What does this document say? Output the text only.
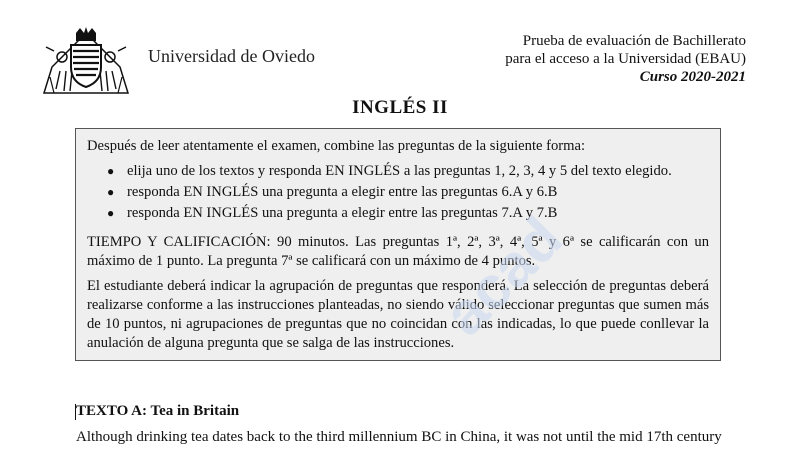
Universidad de Oviedo
Prueba de evaluación de Bachillerato
para el acceso a la Universidad (EBAU)
Curso 2020-2021
INGLÉS II

Después de leer atentamente el examen, combine las preguntas de la siguiente forma:

● elija uno de los textos y responda EN INGLÉS a las preguntas 1, 2, 3, 4 y 5 del texto elegido.
● responda EN INGLÉS una pregunta a elegir entre las preguntas 6.A y 6.B
● responda EN INGLÉS una pregunta a elegir entre las preguntas 7.A y 7.B

TIEMPO Y CALIFICACIÓN: 90 minutos. Las preguntas 1ª, 2ª, 3ª, 4ª, 5ª y 6ª se calificarán con un máximo de 1 punto. La pregunta 7ª se calificará con un máximo de 4 puntos.

El estudiante deberá indicar la agrupación de preguntas que responderá. La selección de preguntas deberá realizarse conforme a las instrucciones planteadas, no siendo válido seleccionar preguntas que sumen más de 10 puntos, ni agrupaciones de preguntas que no coincidan con las indicadas, lo que puede conllevar la anulación de alguna pregunta que se salga de las instrucciones.

acad
TEXTO A: Tea in Britain
Although drinking tea dates back to the third millennium BC in China, it was not until the mid 17th century
